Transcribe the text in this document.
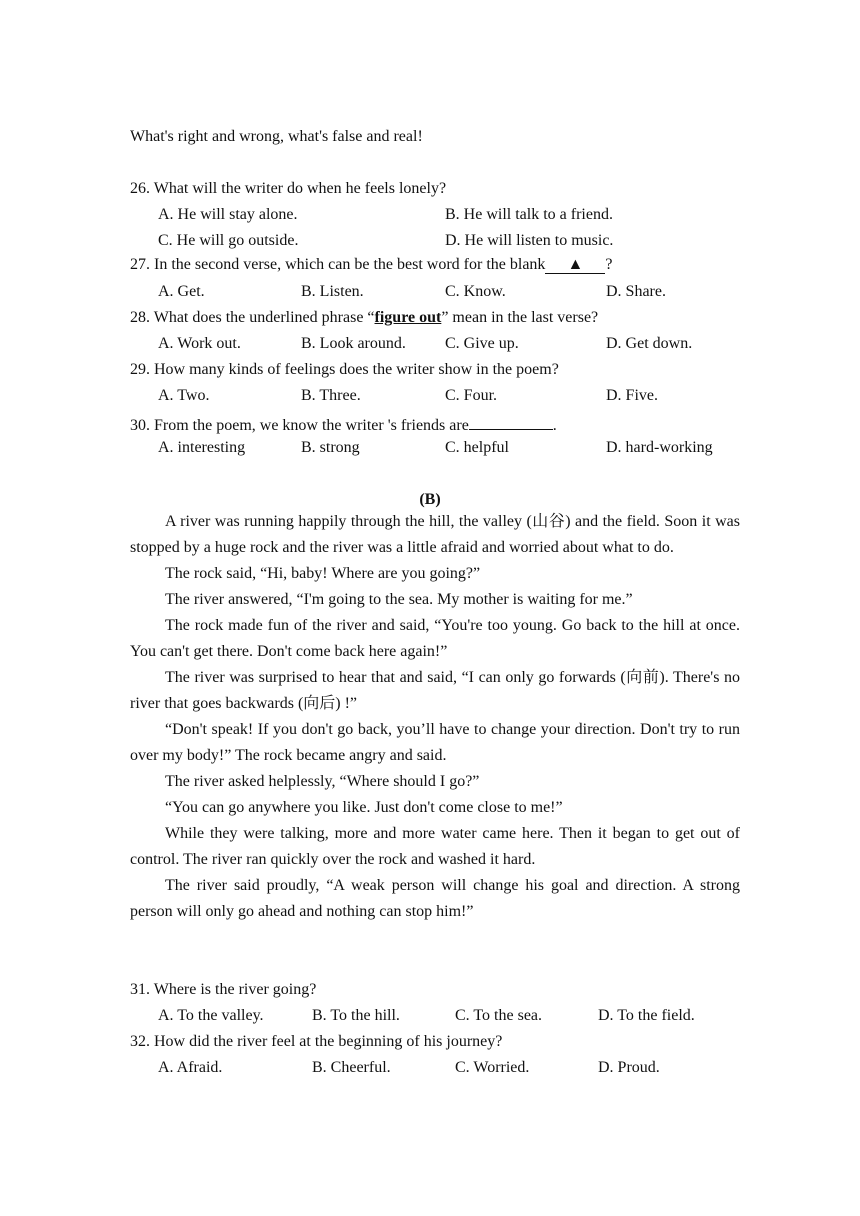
What's right and wrong, what's false and real!
26. What will the writer do when he feels lonely?
A. He will stay alone.	B. He will talk to a friend.
C. He will go outside.	D. He will listen to music.
27. In the second verse, which can be the best word for the blank ▲ ?
A. Get.	B. Listen.	C. Know.	D. Share.
28. What does the underlined phrase “figure out” mean in the last verse?
A. Work out.	B. Look around. C. Give up.	D. Get down.
29. How many kinds of feelings does the writer show in the poem?
A. Two.	B. Three.	C. Four.	D. Five.
30. From the poem, we know the writer 's friends are	.
A. interesting	B. strong	C. helpful	D. hard-working
(B)

A river was running happily through the hill, the valley (山谷) and the field. Soon it was stopped by a huge rock and the river was a little afraid and worried about what to do.

The rock said, “Hi, baby! Where are you going?”

The river answered, “I'm going to the sea. My mother is waiting for me.”

The rock made fun of the river and said, “You're too young. Go back to the hill at once. You can't get there. Don't come back here again!”

The river was surprised to hear that and said, “I can only go forwards (向前). There's no river that goes backwards (向后) !”

“Don't speak! If you don't go back, you’ll have to change your direction. Don't try to run over my body!” The rock became angry and said.

The river asked helplessly, “Where should I go?”

“You can go anywhere you like. Just don't come close to me!”

While they were talking, more and more water came here. Then it began to get out of control. The river ran quickly over the rock and washed it hard.

The river said proudly, “A weak person will change his goal and direction. A strong person will only go ahead and nothing can stop him!”

31. Where is the river going?
A. To the valley.	B. To the hill.	C. To the sea.	D. To the field.
32. How did the river feel at the beginning of his journey?
A. Afraid.	B. Cheerful.	C. Worried.	D. Proud.
